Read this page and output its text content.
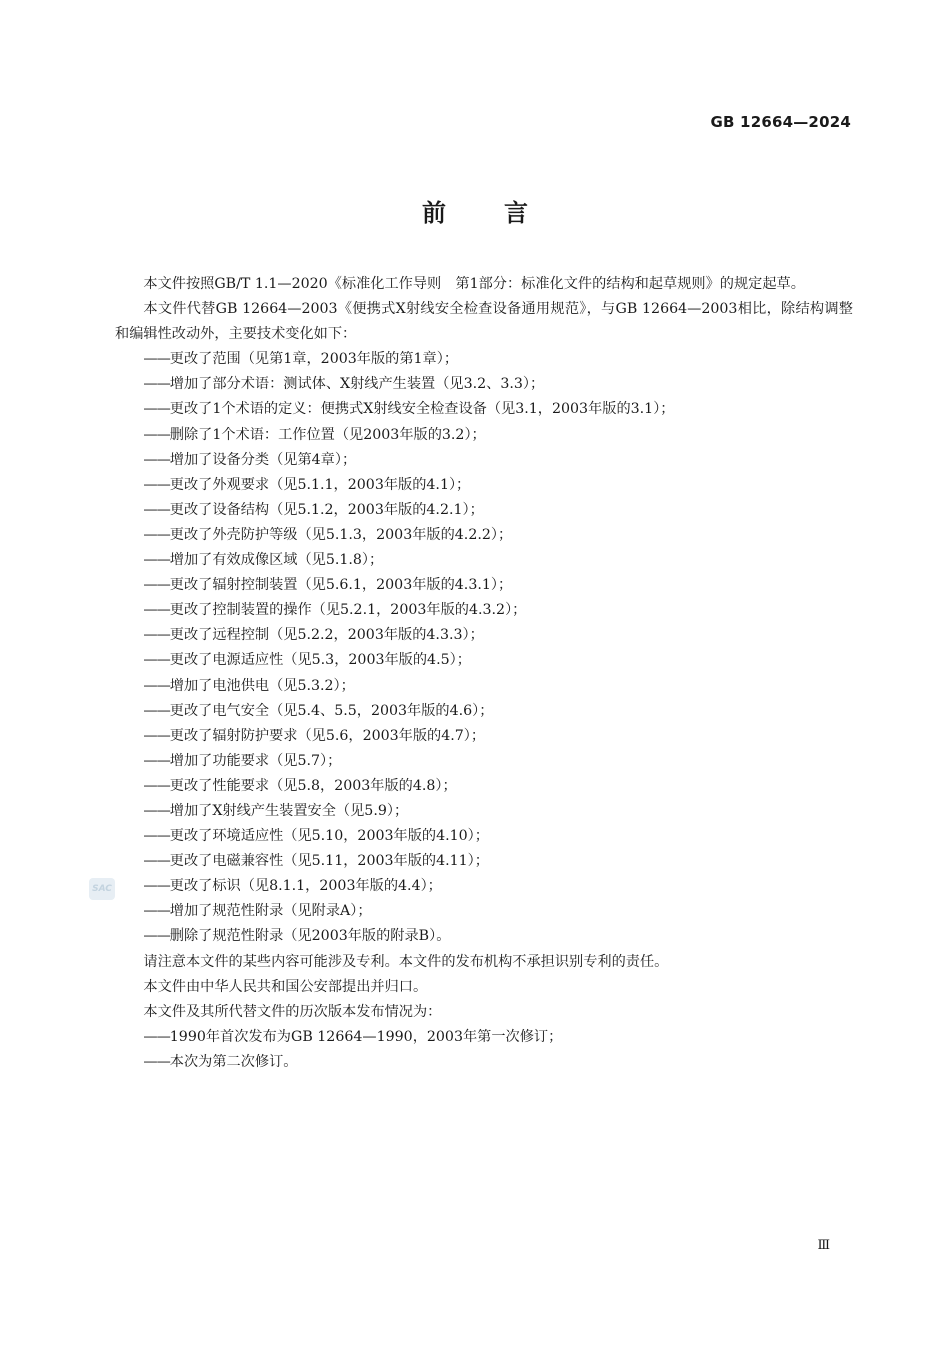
GB 12664—2024
前言

本文件按照GB/T 1.1—2020《标准化工作导则　第1部分：标准化文件的结构和起草规则》的规定起草。

本文件代替GB 12664—2003《便携式X射线安全检查设备通用规范》，与GB 12664—2003相比，除结构调整和编辑性改动外，主要技术变化如下：

——更改了范围（见第1章，2003年版的第1章）；

——增加了部分术语：测试体、X射线产生装置（见3.2、3.3）；

——更改了1个术语的定义：便携式X射线安全检查设备（见3.1，2003年版的3.1）；

——删除了1个术语：工作位置（见2003年版的3.2）；

——增加了设备分类（见第4章）；

——更改了外观要求（见5.1.1，2003年版的4.1）；

——更改了设备结构（见5.1.2，2003年版的4.2.1）；

——更改了外壳防护等级（见5.1.3，2003年版的4.2.2）；

——增加了有效成像区域（见5.1.8）；

——更改了辐射控制装置（见5.6.1，2003年版的4.3.1）；

——更改了控制装置的操作（见5.2.1，2003年版的4.3.2）；

——更改了远程控制（见5.2.2，2003年版的4.3.3）；

——更改了电源适应性（见5.3，2003年版的4.5）；

——增加了电池供电（见5.3.2）；

——更改了电气安全（见5.4、5.5，2003年版的4.6）；

——更改了辐射防护要求（见5.6，2003年版的4.7）；

——增加了功能要求（见5.7）；

——更改了性能要求（见5.8，2003年版的4.8）；

——增加了X射线产生装置安全（见5.9）；

——更改了环境适应性（见5.10，2003年版的4.10）；

——更改了电磁兼容性（见5.11，2003年版的4.11）；

——更改了标识（见8.1.1，2003年版的4.4）；

——增加了规范性附录（见附录A）；

——删除了规范性附录（见2003年版的附录B）。

请注意本文件的某些内容可能涉及专利。本文件的发布机构不承担识别专利的责任。

本文件由中华人民共和国公安部提出并归口。

本文件及其所代替文件的历次版本发布情况为：

——1990年首次发布为GB 12664—1990，2003年第一次修订；

——本次为第二次修订。

SAC
Ⅲ
